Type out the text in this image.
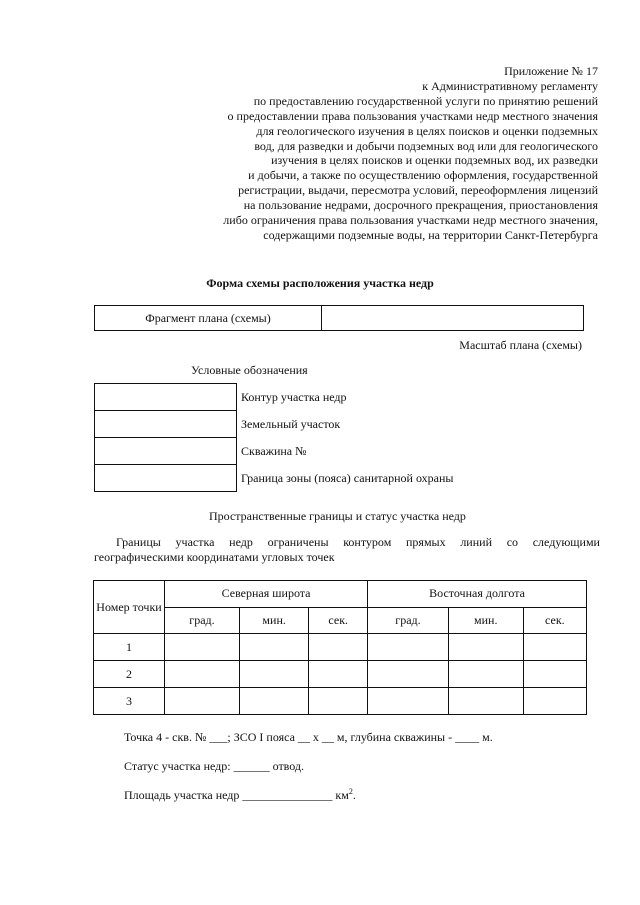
Приложение № 17
к Административному регламенту
по предоставлению государственной услуги по принятию решений
о предоставлении права пользования участками недр местного значения
для геологического изучения в целях поисков и оценки подземных
вод, для разведки и добычи подземных вод или для геологического
изучения в целях поисков и оценки подземных вод, их разведки
и добычи, а также по осуществлению оформления, государственной
регистрации, выдачи, пересмотра условий, переоформления лицензий
на пользование недрами, досрочного прекращения, приостановления
либо ограничения права пользования участками недр местного значения,
содержащими подземные воды, на территории Санкт-Петербурга
Форма схемы расположения участка недр
Фрагмент плана (схемы)	
Масштаб плана (схемы)
Условные обозначения
	Контур участка недр
	Земельный участок
	Скважина №
	Граница зоны (пояса) санитарной охраны
Пространственные границы и статус участка недр
Границы участка недр ограничены контуром прямых линий со следующими
географическими координатами угловых точек
Номер точки	Северная широта			Восточная долгота		
	град.	мин.	сек.	град.	мин.	сек.
1						
2						
3						
Точка 4 - скв. № ___; ЗСО I пояса __ x __ м, глубина скважины - ____ м.
Статус участка недр: ______ отвод.
Площадь участка недр _______________ $км^2$.
